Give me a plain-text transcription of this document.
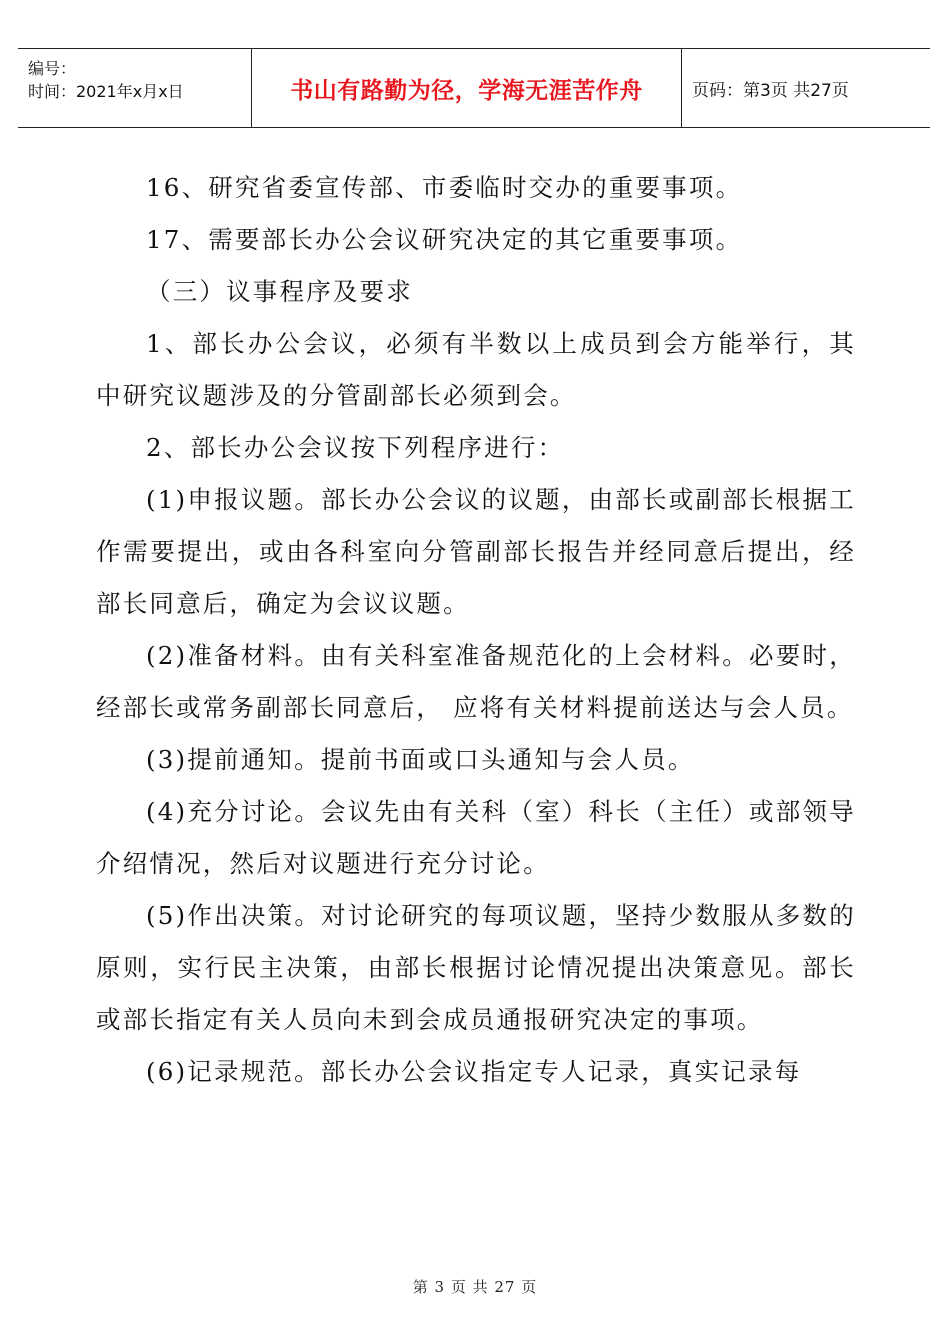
编号：
时间：2021年x月x日	书山有路勤为径，学海无涯苦作舟	页码：第3页 共27页

16、研究省委宣传部、市委临时交办的重要事项。

17、需要部长办公会议研究决定的其它重要事项。

（三）议事程序及要求

1、部长办公会议，必须有半数以上成员到会方能举行，其中研究议题涉及的分管副部长必须到会。

2、部长办公会议按下列程序进行：

(1)申报议题。部长办公会议的议题，由部长或副部长根据工作需要提出，或由各科室向分管副部长报告并经同意后提出，经部长同意后，确定为会议议题。

(2)准备材料。由有关科室准备规范化的上会材料。必要时，经部长或常务副部长同意后， 应将有关材料提前送达与会人员。

(3)提前通知。提前书面或口头通知与会人员。

(4)充分讨论。会议先由有关科（室）科长（主任）或部领导介绍情况，然后对议题进行充分讨论。

(5)作出决策。对讨论研究的每项议题，坚持少数服从多数的原则，实行民主决策，由部长根据讨论情况提出决策意见。部长或部长指定有关人员向未到会成员通报研究决定的事项。

(6)记录规范。部长办公会议指定专人记录，真实记录每

第 3 页 共 27 页
